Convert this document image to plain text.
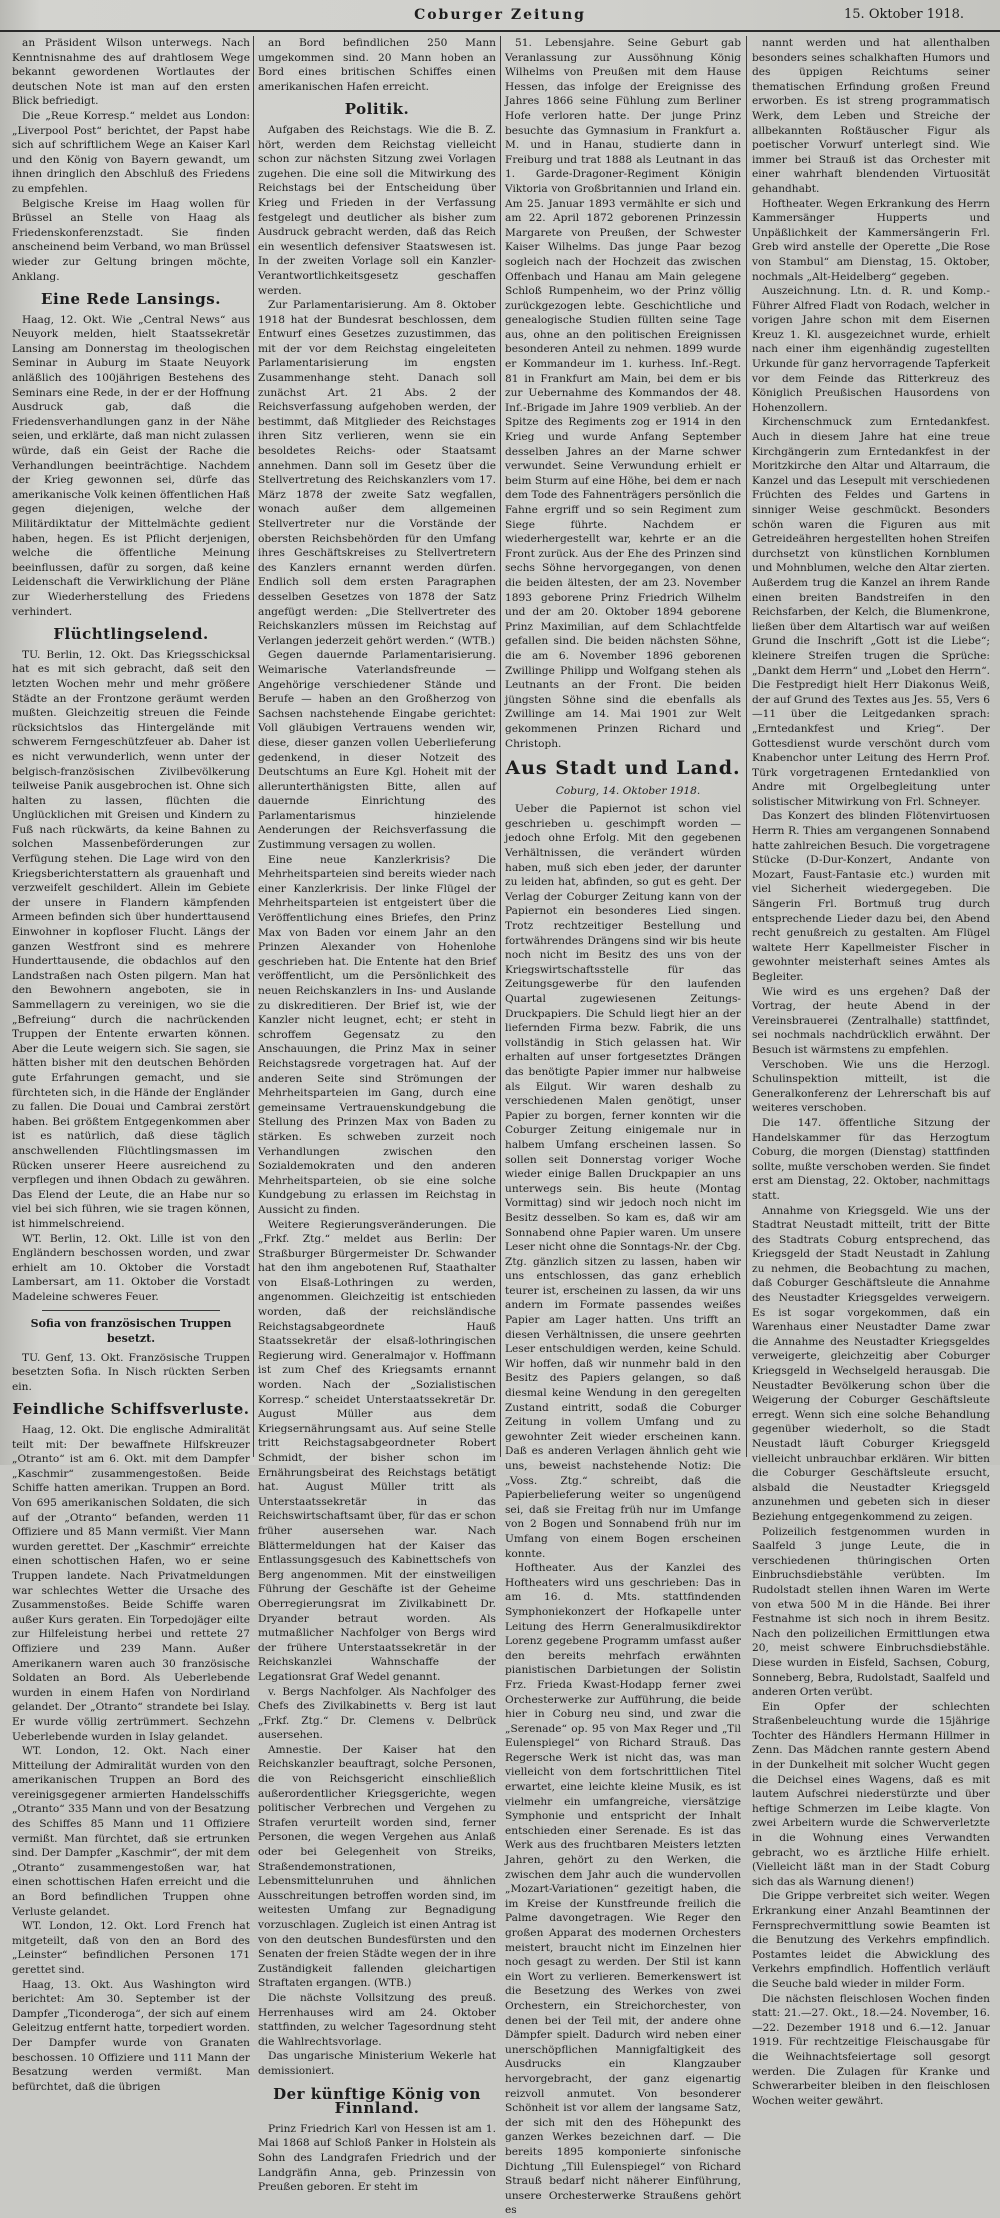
Coburger Zeitung	15. Oktober 1918.

an Präsident Wilson unterwegs. Nach Kenntnisnahme des auf drahtlosem Wege bekannt gewordenen Wortlautes der deutschen Note ist man auf den ersten Blick befriedigt.

Die „Reue Korresp.“ meldet aus London: „Liverpool Post“ berichtet, der Papst habe sich auf schriftlichem Wege an Kaiser Karl und den König von Bayern gewandt, um ihnen dringlich den Abschluß des Friedens zu empfehlen.

Belgische Kreise im Haag wollen für Brüssel an Stelle von Haag als Friedenskonferenzstadt. Sie finden anscheinend beim Verband, wo man Brüssel wieder zur Geltung bringen möchte, Anklang.

Eine Rede Lansings.

Haag, 12. Okt. Wie „Central News“ aus Neuyork melden, hielt Staatssekretär Lansing am Donnerstag im theologischen Seminar in Auburg im Staate Neuyork anläßlich des 100jährigen Bestehens des Seminars eine Rede, in der er der Hoffnung Ausdruck gab, daß die Friedensverhandlungen ganz in der Nähe seien, und erklärte, daß man nicht zulassen würde, daß ein Geist der Rache die Verhandlungen beeinträchtige. Nachdem der Krieg gewonnen sei, dürfe das amerikanische Volk keinen öffentlichen Haß gegen diejenigen, welche der Militärdiktatur der Mittelmächte gedient haben, hegen. Es ist Pflicht derjenigen, welche die öffentliche Meinung beeinflussen, dafür zu sorgen, daß keine Leidenschaft die Verwirklichung der Pläne zur Wiederherstellung des Friedens verhindert.

Flüchtlingselend.

TU. Berlin, 12. Okt. Das Kriegsschicksal hat es mit sich gebracht, daß seit den letzten Wochen mehr und mehr größere Städte an der Frontzone geräumt werden mußten. Gleichzeitig streuen die Feinde rücksichtslos das Hintergelände mit schwerem Ferngeschützfeuer ab. Daher ist es nicht verwunderlich, wenn unter der belgisch-französischen Zivilbevölkerung teilweise Panik ausgebrochen ist. Ohne sich halten zu lassen, flüchten die Unglücklichen mit Greisen und Kindern zu Fuß nach rückwärts, da keine Bahnen zu solchen Massenbeförderungen zur Verfügung stehen. Die Lage wird von den Kriegsberichterstattern als grauenhaft und verzweifelt geschildert. Allein im Gebiete der unsere in Flandern kämpfenden Armeen befinden sich über hunderttausend Einwohner in kopfloser Flucht. Längs der ganzen Westfront sind es mehrere Hunderttausende, die obdachlos auf den Landstraßen nach Osten pilgern. Man hat den Bewohnern angeboten, sie in Sammellagern zu vereinigen, wo sie die „Befreiung“ durch die nachrückenden Truppen der Entente erwarten können. Aber die Leute weigern sich. Sie sagen, sie hätten bisher mit den deutschen Behörden gute Erfahrungen gemacht, und sie fürchteten sich, in die Hände der Engländer zu fallen. Die Douai und Cambrai zerstört haben. Bei größtem Entgegenkommen aber ist es natürlich, daß diese täglich anschwellenden Flüchtlingsmassen im Rücken unserer Heere ausreichend zu verpflegen und ihnen Obdach zu gewähren. Das Elend der Leute, die an Habe nur so viel bei sich führen, wie sie tragen können, ist himmelschreiend.

WT. Berlin, 12. Okt. Lille ist von den Engländern beschossen worden, und zwar erhielt am 10. Oktober die Vorstadt Lambersart, am 11. Oktober die Vorstadt Madeleine schweres Feuer.

Sofia von französischen Truppen besetzt.

TU. Genf, 13. Okt. Französische Truppen besetzten Sofia. In Nisch rückten Serben ein.

Feindliche Schiffsverluste.

Haag, 12. Okt. Die englische Admiralität teilt mit: Der bewaffnete Hilfskreuzer „Otranto“ ist am 6. Okt. mit dem Dampfer „Kaschmir“ zusammengestoßen. Beide Schiffe hatten amerikan. Truppen an Bord. Von 695 amerikanischen Soldaten, die sich auf der „Otranto“ befanden, werden 11 Offiziere und 85 Mann vermißt. Vier Mann wurden gerettet. Der „Kaschmir“ erreichte einen schottischen Hafen, wo er seine Truppen landete. Nach Privatmeldungen war schlechtes Wetter die Ursache des Zusammenstoßes. Beide Schiffe waren außer Kurs geraten. Ein Torpedojäger eilte zur Hilfeleistung herbei und rettete 27 Offiziere und 239 Mann. Außer Amerikanern waren auch 30 französische Soldaten an Bord. Als Ueberlebende wurden in einem Hafen von Nordirland gelandet. Der „Otranto“ strandete bei Islay. Er wurde völlig zertrümmert. Sechzehn Ueberlebende wurden in Islay gelandet.

WT. London, 12. Okt. Nach einer Mitteilung der Admiralität wurden von den amerikanischen Truppen an Bord des vereinigsgegener armierten Handelsschiffs „Otranto“ 335 Mann und von der Besatzung des Schiffes 85 Mann und 11 Offiziere vermißt. Man fürchtet, daß sie ertrunken sind. Der Dampfer „Kaschmir“, der mit dem „Otranto“ zusammengestoßen war, hat einen schottischen Hafen erreicht und die an Bord befindlichen Truppen ohne Verluste gelandet.

WT. London, 12. Okt. Lord French hat mitgeteilt, daß von den an Bord des „Leinster“ befindlichen Personen 171 gerettet sind.

Haag, 13. Okt. Aus Washington wird berichtet: Am 30. September ist der Dampfer „Ticonderoga“, der sich auf einem Geleitzug entfernt hatte, torpediert worden. Der Dampfer wurde von Granaten beschossen. 10 Offiziere und 111 Mann der Besatzung werden vermißt. Man befürchtet, daß die übrigen

an Bord befindlichen 250 Mann umgekommen sind. 20 Mann hoben an Bord eines britischen Schiffes einen amerikanischen Hafen erreicht.

Politik.

Aufgaben des Reichstags. Wie die B. Z. hört, werden dem Reichstag vielleicht schon zur nächsten Sitzung zwei Vorlagen zugehen. Die eine soll die Mitwirkung des Reichstags bei der Entscheidung über Krieg und Frieden in der Verfassung festgelegt und deutlicher als bisher zum Ausdruck gebracht werden, daß das Reich ein wesentlich defensiver Staatswesen ist. In der zweiten Vorlage soll ein Kanzler-Verantwortlichkeitsgesetz geschaffen werden.

Zur Parlamentarisierung. Am 8. Oktober 1918 hat der Bundesrat beschlossen, dem Entwurf eines Gesetzes zuzustimmen, das mit der vor dem Reichstag eingeleiteten Parlamentarisierung im engsten Zusammenhange steht. Danach soll zunächst Art. 21 Abs. 2 der Reichsverfassung aufgehoben werden, der bestimmt, daß Mitglieder des Reichstages ihren Sitz verlieren, wenn sie ein besoldetes Reichs- oder Staatsamt annehmen. Dann soll im Gesetz über die Stellvertretung des Reichskanzlers vom 17. März 1878 der zweite Satz wegfallen, wonach außer dem allgemeinen Stellvertreter nur die Vorstände der obersten Reichsbehörden für den Umfang ihres Geschäftskreises zu Stellvertretern des Kanzlers ernannt werden dürfen. Endlich soll dem ersten Paragraphen desselben Gesetzes von 1878 der Satz angefügt werden: „Die Stellvertreter des Reichskanzlers müssen im Reichstag auf Verlangen jederzeit gehört werden.“ (WTB.)

Gegen dauernde Parlamentarisierung. Weimarische Vaterlandsfreunde — Angehörige verschiedener Stände und Berufe — haben an den Großherzog von Sachsen nachstehende Eingabe gerichtet: Voll gläubigen Vertrauens wenden wir, diese, dieser ganzen vollen Ueberlieferung gedenkend, in dieser Notzeit des Deutschtums an Eure Kgl. Hoheit mit der allerunterthänigsten Bitte, allen auf dauernde Einrichtung des Parlamentarismus hinzielende Aenderungen der Reichsverfassung die Zustimmung versagen zu wollen.

Eine neue Kanzlerkrisis? Die Mehrheitsparteien sind bereits wieder nach einer Kanzlerkrisis. Der linke Flügel der Mehrheitsparteien ist entgeistert über die Veröffentlichung eines Briefes, den Prinz Max von Baden vor einem Jahr an den Prinzen Alexander von Hohenlohe geschrieben hat. Die Entente hat den Brief veröffentlicht, um die Persönlichkeit des neuen Reichskanzlers in Ins- und Auslande zu diskreditieren. Der Brief ist, wie der Kanzler nicht leugnet, echt; er steht in schroffem Gegensatz zu den Anschauungen, die Prinz Max in seiner Reichstagsrede vorgetragen hat. Auf der anderen Seite sind Strömungen der Mehrheitsparteien im Gang, durch eine gemeinsame Vertrauenskundgebung die Stellung des Prinzen Max von Baden zu stärken. Es schweben zurzeit noch Verhandlungen zwischen den Sozialdemokraten und den anderen Mehrheitsparteien, ob sie eine solche Kundgebung zu erlassen im Reichstag in Aussicht zu finden.

Weitere Regierungsveränderungen. Die „Frkf. Ztg.“ meldet aus Berlin: Der Straßburger Bürgermeister Dr. Schwander hat den ihm angebotenen Ruf, Staathalter von Elsaß-Lothringen zu werden, angenommen. Gleichzeitig ist entschieden worden, daß der reichsländische Reichstagsabgeordnete Hauß Staatssekretär der elsaß-lothringischen Regierung wird. Generalmajor v. Hoffmann ist zum Chef des Kriegsamts ernannt worden. Nach der „Sozialistischen Korresp.“ scheidet Unterstaatssekretär Dr. August Müller aus dem Kriegsernährungsamt aus. Auf seine Stelle tritt Reichstagsabgeordneter Robert Schmidt, der bisher schon im Ernährungsbeirat des Reichstags betätigt hat. August Müller tritt als Unterstaatssekretär in das Reichswirtschaftsamt über, für das er schon früher ausersehen war. Nach Blättermeldungen hat der Kaiser das Entlassungsgesuch des Kabinettschefs von Berg angenommen. Mit der einstweiligen Führung der Geschäfte ist der Geheime Oberregierungsrat im Zivilkabinett Dr. Dryander betraut worden. Als mutmaßlicher Nachfolger von Bergs wird der frühere Unterstaatssekretär in der Reichskanzlei Wahnschaffe der Legationsrat Graf Wedel genannt.

v. Bergs Nachfolger. Als Nachfolger des Chefs des Zivilkabinetts v. Berg ist laut „Frkf. Ztg.“ Dr. Clemens v. Delbrück ausersehen.

Amnestie. Der Kaiser hat den Reichskanzler beauftragt, solche Personen, die von Reichsgericht einschließlich außerordentlicher Kriegsgerichte, wegen politischer Verbrechen und Vergehen zu Strafen verurteilt worden sind, ferner Personen, die wegen Vergehen aus Anlaß oder bei Gelegenheit von Streiks, Straßendemonstrationen, Lebensmittelunruhen und ähnlichen Ausschreitungen betroffen worden sind, im weitesten Umfang zur Begnadigung vorzuschlagen. Zugleich ist einen Antrag ist von den deutschen Bundesfürsten und den Senaten der freien Städte wegen der in ihre Zuständigkeit fallenden gleichartigen Straftaten ergangen. (WTB.)

Die nächste Vollsitzung des preuß. Herrenhauses wird am 24. Oktober stattfinden, zu welcher Tagesordnung steht die Wahlrechtsvorlage.

Das ungarische Ministerium Wekerle hat demissioniert.

Der künftige König von Finnland.

Prinz Friedrich Karl von Hessen ist am 1. Mai 1868 auf Schloß Panker in Holstein als Sohn des Landgrafen Friedrich und der Landgräfin Anna, geb. Prinzessin von Preußen geboren. Er steht im

51. Lebensjahre. Seine Geburt gab Veranlassung zur Aussöhnung König Wilhelms von Preußen mit dem Hause Hessen, das infolge der Ereignisse des Jahres 1866 seine Fühlung zum Berliner Hofe verloren hatte. Der junge Prinz besuchte das Gymnasium in Frankfurt a. M. und in Hanau, studierte dann in Freiburg und trat 1888 als Leutnant in das 1. Garde-Dragoner-Regiment Königin Viktoria von Großbritannien und Irland ein. Am 25. Januar 1893 vermählte er sich und am 22. April 1872 geborenen Prinzessin Margarete von Preußen, der Schwester Kaiser Wilhelms. Das junge Paar bezog sogleich nach der Hochzeit das zwischen Offenbach und Hanau am Main gelegene Schloß Rumpenheim, wo der Prinz völlig zurückgezogen lebte. Geschichtliche und genealogische Studien füllten seine Tage aus, ohne an den politischen Ereignissen besonderen Anteil zu nehmen. 1899 wurde er Kommandeur im 1. kurhess. Inf.-Regt. 81 in Frankfurt am Main, bei dem er bis zur Uebernahme des Kommandos der 48. Inf.-Brigade im Jahre 1909 verblieb. An der Spitze des Regiments zog er 1914 in den Krieg und wurde Anfang September desselben Jahres an der Marne schwer verwundet. Seine Verwundung erhielt er beim Sturm auf eine Höhe, bei dem er nach dem Tode des Fahnenträgers persönlich die Fahne ergriff und so sein Regiment zum Siege führte. Nachdem er wiederhergestellt war, kehrte er an die Front zurück. Aus der Ehe des Prinzen sind sechs Söhne hervorgegangen, von denen die beiden ältesten, der am 23. November 1893 geborene Prinz Friedrich Wilhelm und der am 20. Oktober 1894 geborene Prinz Maximilian, auf dem Schlachtfelde gefallen sind. Die beiden nächsten Söhne, die am 6. November 1896 geborenen Zwillinge Philipp und Wolfgang stehen als Leutnants an der Front. Die beiden jüngsten Söhne sind die ebenfalls als Zwillinge am 14. Mai 1901 zur Welt gekommenen Prinzen Richard und Christoph.

Aus Stadt und Land.

Coburg, 14. Oktober 1918.

Ueber die Papiernot ist schon viel geschrieben u. geschimpft worden — jedoch ohne Erfolg. Mit den gegebenen Verhältnissen, die verändert würden haben, muß sich eben jeder, der darunter zu leiden hat, abfinden, so gut es geht. Der Verlag der Coburger Zeitung kann von der Papiernot ein besonderes Lied singen. Trotz rechtzeitiger Bestellung und fortwährendes Drängens sind wir bis heute noch nicht im Besitz des uns von der Kriegswirtschaftsstelle für das Zeitungsgewerbe für den laufenden Quartal zugewiesenen Zeitungs-Druckpapiers. Die Schuld liegt hier an der liefernden Firma bezw. Fabrik, die uns vollständig in Stich gelassen hat. Wir erhalten auf unser fortgesetztes Drängen das benötigte Papier immer nur halbweise als Eilgut. Wir waren deshalb zu verschiedenen Malen genötigt, unser Papier zu borgen, ferner konnten wir die Coburger Zeitung einigemale nur in halbem Umfang erscheinen lassen. So sollen seit Donnerstag voriger Woche wieder einige Ballen Druckpapier an uns unterwegs sein. Bis heute (Montag Vormittag) sind wir jedoch noch nicht im Besitz desselben. So kam es, daß wir am Sonnabend ohne Papier waren. Um unsere Leser nicht ohne die Sonntags-Nr. der Cbg. Ztg. gänzlich sitzen zu lassen, haben wir uns entschlossen, das ganz erheblich teurer ist, erscheinen zu lassen, da wir uns andern im Formate passendes weißes Papier am Lager hatten. Uns trifft an diesen Verhältnissen, die unsere geehrten Leser entschuldigen werden, keine Schuld. Wir hoffen, daß wir nunmehr bald in den Besitz des Papiers gelangen, so daß diesmal keine Wendung in den geregelten Zustand eintritt, sodaß die Coburger Zeitung in vollem Umfang und zu gewohnter Zeit wieder erscheinen kann. Daß es anderen Verlagen ähnlich geht wie uns, beweist nachstehende Notiz: Die „Voss. Ztg.“ schreibt, daß die Papierbelieferung weiter so ungenügend sei, daß sie Freitag früh nur im Umfange von 2 Bogen und Sonnabend früh nur im Umfang von einem Bogen erscheinen konnte.

Hoftheater. Aus der Kanzlei des Hoftheaters wird uns geschrieben: Das in am 16. d. Mts. stattfindenden Symphoniekonzert der Hofkapelle unter Leitung des Herrn Generalmusikdirektor Lorenz gegebene Programm umfasst außer den bereits mehrfach erwähnten pianistischen Darbietungen der Solistin Frz. Frieda Kwast-Hodapp ferner zwei Orchesterwerke zur Aufführung, die beide hier in Coburg neu sind, und zwar die „Serenade“ op. 95 von Max Reger und „Til Eulenspiegel“ von Richard Strauß. Das Regersche Werk ist nicht das, was man vielleicht von dem fortschrittlichen Titel erwartet, eine leichte kleine Musik, es ist vielmehr ein umfangreiche, viersätzige Symphonie und entspricht der Inhalt entschieden einer Serenade. Es ist das Werk aus des fruchtbaren Meisters letzten Jahren, gehört zu den Werken, die zwischen dem Jahr auch die wundervollen „Mozart-Variationen“ gezeitigt haben, die im Kreise der Kunstfreunde freilich die Palme davongetragen. Wie Reger den großen Apparat des modernen Orchesters meistert, braucht nicht im Einzelnen hier noch gesagt zu werden. Der Stil ist kann ein Wort zu verlieren. Bemerkenswert ist die Besetzung des Werkes von zwei Orchestern, ein Streichorchester, von denen bei der Teil mit, der andere ohne Dämpfer spielt. Dadurch wird neben einer unerschöpflichen Mannigfaltigkeit des Ausdrucks ein Klangzauber hervorgebracht, der ganz eigenartig reizvoll anmutet. Von besonderer Schönheit ist vor allem der langsame Satz, der sich mit den des Höhepunkt des ganzen Werkes bezeichnen darf. — Die bereits 1895 komponierte sinfonische Dichtung „Till Eulenspiegel“ von Richard Strauß bedarf nicht näherer Einführung, unsere Orchesterwerke Straußens gehört es

nannt werden und hat allenthalben besonders seines schalkhaften Humors und des üppigen Reichtums seiner thematischen Erfindung großen Freund erworben. Es ist streng programmatisch Werk, dem Leben und Streiche der allbekannten Roßtäuscher Figur als poetischer Vorwurf unterlegt sind. Wie immer bei Strauß ist das Orchester mit einer wahrhaft blendenden Virtuosität gehandhabt.

Hoftheater. Wegen Erkrankung des Herrn Kammersänger Hupperts und Unpäßlichkeit der Kammersängerin Frl. Greb wird anstelle der Operette „Die Rose von Stambul“ am Dienstag, 15. Oktober, nochmals „Alt-Heidelberg“ gegeben.

Auszeichnung. Ltn. d. R. und Komp.-Führer Alfred Fladt von Rodach, welcher in vorigen Jahre schon mit dem Eisernen Kreuz 1. Kl. ausgezeichnet wurde, erhielt nach einer ihm eigenhändig zugestellten Urkunde für ganz hervorragende Tapferkeit vor dem Feinde das Ritterkreuz des Königlich Preußischen Hausordens von Hohenzollern.

Kirchenschmuck zum Erntedankfest. Auch in diesem Jahre hat eine treue Kirchgängerin zum Erntedankfest in der Moritzkirche den Altar und Altarraum, die Kanzel und das Lesepult mit verschiedenen Früchten des Feldes und Gartens in sinniger Weise geschmückt. Besonders schön waren die Figuren aus mit Getreideähren hergestellten hohen Streifen durchsetzt von künstlichen Kornblumen und Mohnblumen, welche den Altar zierten. Außerdem trug die Kanzel an ihrem Rande einen breiten Bandstreifen in den Reichsfarben, der Kelch, die Blumenkrone, ließen über dem Altartisch war auf weißen Grund die Inschrift „Gott ist die Liebe“; kleinere Streifen trugen die Sprüche: „Dankt dem Herrn“ und „Lobet den Herrn“. Die Festpredigt hielt Herr Diakonus Weiß, der auf Grund des Textes aus Jes. 55, Vers 6—11 über die Leitgedanken sprach: „Erntedankfest und Krieg“. Der Gottesdienst wurde verschönt durch vom Knabenchor unter Leitung des Herrn Prof. Türk vorgetragenen Erntedanklied von Andre mit Orgelbegleitung unter solistischer Mitwirkung von Frl. Schneyer.

Das Konzert des blinden Flötenvirtuosen Herrn R. Thies am vergangenen Sonnabend hatte zahlreichen Besuch. Die vorgetragene Stücke (D-Dur-Konzert, Andante von Mozart, Faust-Fantasie etc.) wurden mit viel Sicherheit wiedergegeben. Die Sängerin Frl. Bortmuß trug durch entsprechende Lieder dazu bei, den Abend recht genußreich zu gestalten. Am Flügel waltete Herr Kapellmeister Fischer in gewohnter meisterhaft seines Amtes als Begleiter.

Wie wird es uns ergehen? Daß der Vortrag, der heute Abend in der Vereinsbrauerei (Zentralhalle) stattfindet, sei nochmals nachdrücklich erwähnt. Der Besuch ist wärmstens zu empfehlen.

Verschoben. Wie uns die Herzogl. Schulinspektion mitteilt, ist die Generalkonferenz der Lehrerschaft bis auf weiteres verschoben.

Die 147. öffentliche Sitzung der Handelskammer für das Herzogtum Coburg, die morgen (Dienstag) stattfinden sollte, mußte verschoben werden. Sie findet erst am Dienstag, 22. Oktober, nachmittags statt.

Annahme von Kriegsgeld. Wie uns der Stadtrat Neustadt mitteilt, tritt der Bitte des Stadtrats Coburg entsprechend, das Kriegsgeld der Stadt Neustadt in Zahlung zu nehmen, die Beobachtung zu machen, daß Coburger Geschäftsleute die Annahme des Neustadter Kriegsgeldes verweigern. Es ist sogar vorgekommen, daß ein Warenhaus einer Neustadter Dame zwar die Annahme des Neustadter Kriegsgeldes verweigerte, gleichzeitig aber Coburger Kriegsgeld in Wechselgeld herausgab. Die Neustadter Bevölkerung schon über die Weigerung der Coburger Geschäftsleute erregt. Wenn sich eine solche Behandlung gegenüber wiederholt, so die Stadt Neustadt läuft Coburger Kriegsgeld vielleicht unbrauchbar erklären. Wir bitten die Coburger Geschäftsleute ersucht, alsbald die Neustadter Kriegsgeld anzunehmen und gebeten sich in dieser Beziehung entgegenkommend zu zeigen.

Polizeilich festgenommen wurden in Saalfeld 3 junge Leute, die in verschiedenen thüringischen Orten Einbruchsdiebstähle verübten. Im Rudolstadt stellen ihnen Waren im Werte von etwa 500 M in die Hände. Bei ihrer Festnahme ist sich noch in ihrem Besitz. Nach den polizeilichen Ermittlungen etwa 20, meist schwere Einbruchsdiebstähle. Diese wurden in Eisfeld, Sachsen, Coburg, Sonneberg, Bebra, Rudolstadt, Saalfeld und anderen Orten verübt.

Ein Opfer der schlechten Straßenbeleuchtung wurde die 15jährige Tochter des Händlers Hermann Hillmer in Zenn. Das Mädchen rannte gestern Abend in der Dunkelheit mit solcher Wucht gegen die Deichsel eines Wagens, daß es mit lautem Aufschrei niederstürzte und über heftige Schmerzen im Leibe klagte. Von zwei Arbeitern wurde die Schwerverletzte in die Wohnung eines Verwandten gebracht, wo es ärztliche Hilfe erhielt. (Vielleicht läßt man in der Stadt Coburg sich das als Warnung dienen!)

Die Grippe verbreitet sich weiter. Wegen Erkrankung einer Anzahl Beamtinnen der Fernsprechvermittlung sowie Beamten ist die Benutzung des Verkehrs empfindlich. Postamtes leidet die Abwicklung des Verkehrs empfindlich. Hoffentlich verläuft die Seuche bald wieder in milder Form.

Die nächsten fleischlosen Wochen finden statt: 21.—27. Okt., 18.—24. November, 16.—22. Dezember 1918 und 6.—12. Januar 1919. Für rechtzeitige Fleischausgabe für die Weihnachtsfeiertage soll gesorgt werden. Die Zulagen für Kranke und Schwerarbeiter bleiben in den fleischlosen Wochen weiter gewährt.
